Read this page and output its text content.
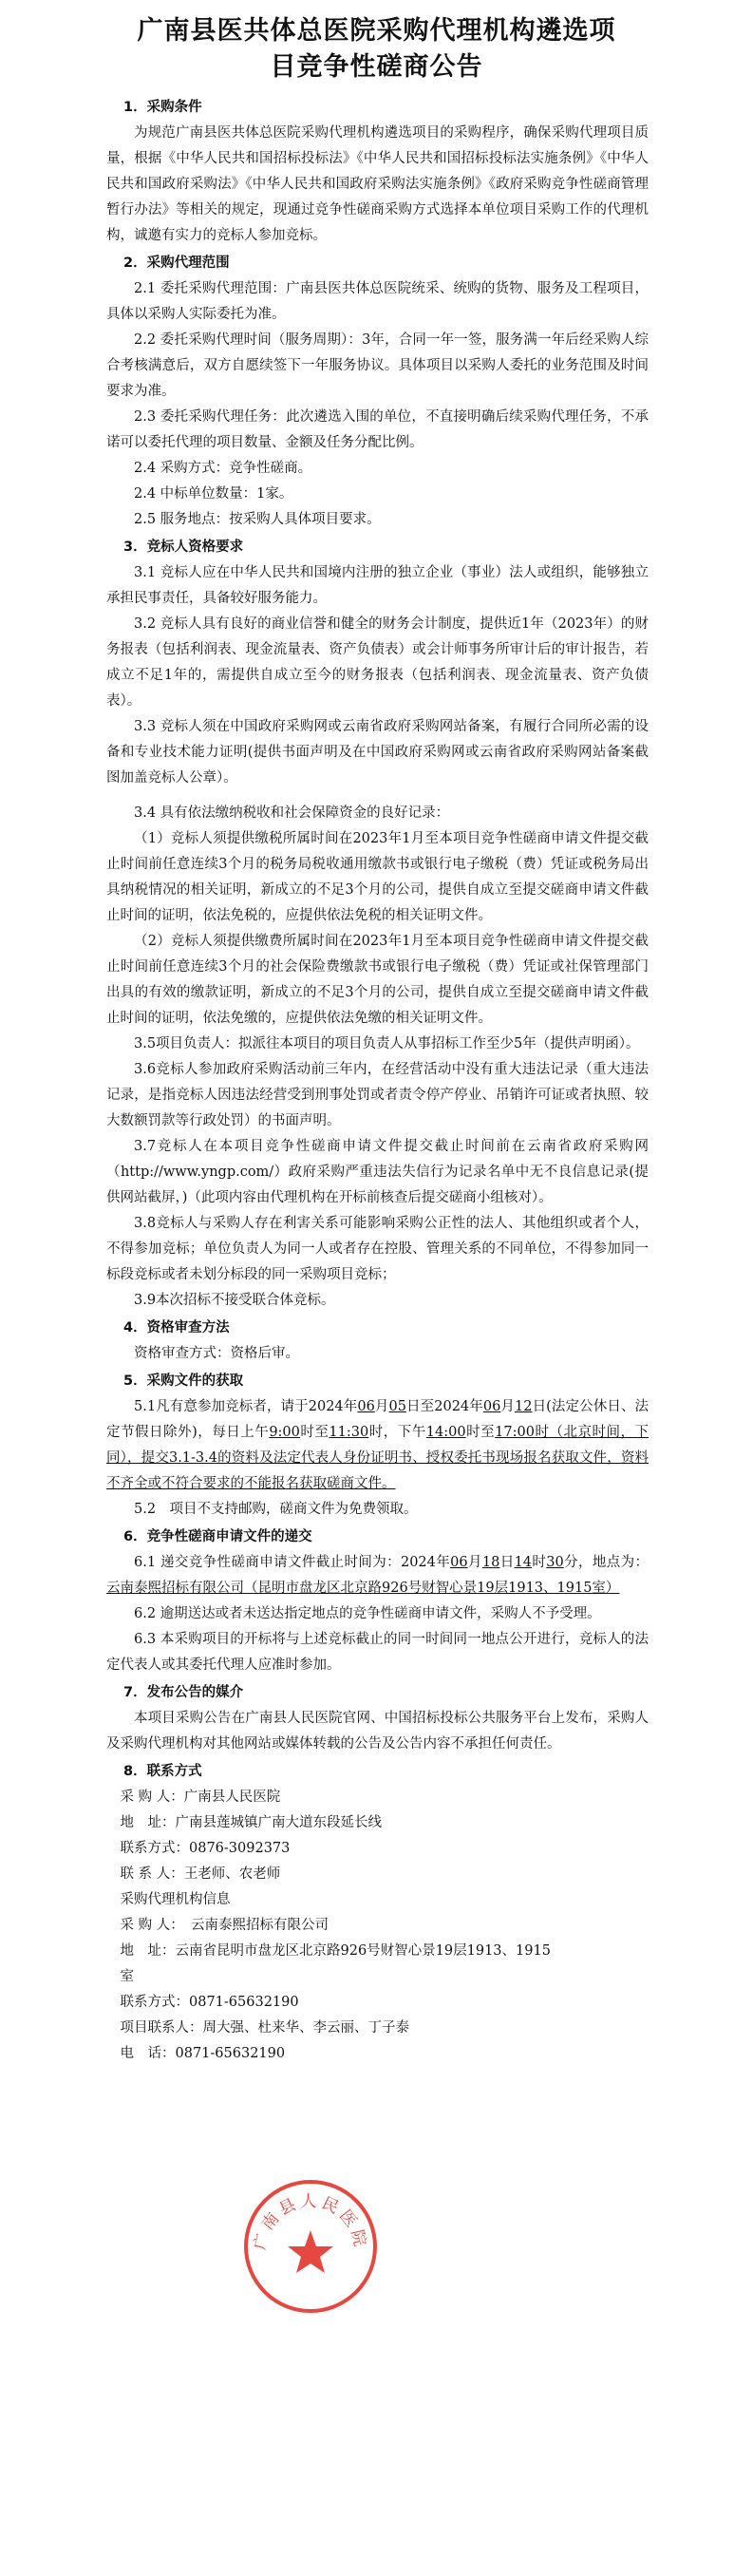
广南县医共体总医院采购代理机构遴选项
目竞争性磋商公告
1．采购条件

为规范广南县医共体总医院采购代理机构遴选项目的采购程序，确保采购代理项目质量，根据《中华人民共和国招标投标法》《中华人民共和国招标投标法实施条例》《中华人民共和国政府采购法》《中华人民共和国政府采购法实施条例》《政府采购竞争性磋商管理暂行办法》等相关的规定，现通过竞争性磋商采购方式选择本单位项目采购工作的代理机构，诚邀有实力的竞标人参加竞标。

2．采购代理范围

2.1 委托采购代理范围：广南县医共体总医院统采、统购的货物、服务及工程项目，具体以采购人实际委托为准。

2.2 委托采购代理时间（服务周期）：3年，合同一年一签，服务满一年后经采购人综合考核满意后，双方自愿续签下一年服务协议。具体项目以采购人委托的业务范围及时间要求为准。

2.3 委托采购代理任务：此次遴选入围的单位，不直接明确后续采购代理任务，不承诺可以委托代理的项目数量、金额及任务分配比例。

2.4 采购方式：竞争性磋商。

2.4 中标单位数量：1家。

2.5 服务地点：按采购人具体项目要求。

3．竞标人资格要求

3.1 竞标人应在中华人民共和国境内注册的独立企业（事业）法人或组织，能够独立承担民事责任，具备较好服务能力。

3.2 竞标人具有良好的商业信誉和健全的财务会计制度，提供近1年（2023年）的财务报表（包括利润表、现金流量表、资产负债表）或会计师事务所审计后的审计报告，若成立不足1年的，需提供自成立至今的财务报表（包括利润表、现金流量表、资产负债表）。

3.3 竞标人须在中国政府采购网或云南省政府采购网站备案，有履行合同所必需的设备和专业技术能力证明(提供书面声明及在中国政府采购网或云南省政府采购网站备案截图加盖竞标人公章）。

3.4 具有依法缴纳税收和社会保障资金的良好记录：

（1）竞标人须提供缴税所属时间在2023年1月至本项目竞争性磋商申请文件提交截止时间前任意连续3个月的税务局税收通用缴款书或银行电子缴税（费）凭证或税务局出具纳税情况的相关证明，新成立的不足3个月的公司，提供自成立至提交磋商申请文件截止时间的证明，依法免税的，应提供依法免税的相关证明文件。

（2）竞标人须提供缴费所属时间在2023年1月至本项目竞争性磋商申请文件提交截止时间前任意连续3个月的社会保险费缴款书或银行电子缴税（费）凭证或社保管理部门出具的有效的缴款证明，新成立的不足3个月的公司，提供自成立至提交磋商申请文件截止时间的证明，依法免缴的，应提供依法免缴的相关证明文件。

3.5项目负责人：拟派往本项目的项目负责人从事招标工作至少5年（提供声明函）。

3.6竞标人参加政府采购活动前三年内，在经营活动中没有重大违法记录（重大违法记录，是指竞标人因违法经营受到刑事处罚或者责令停产停业、吊销许可证或者执照、较大数额罚款等行政处罚）的书面声明。

3.7竞标人在本项目竞争性磋商申请文件提交截止时间前在云南省政府采购网（http://www.yngp.com/）政府采购严重违法失信行为记录名单中无不良信息记录(提供网站截屏，)（此项内容由代理机构在开标前核查后提交磋商小组核对）。

3.8竞标人与采购人存在利害关系可能影响采购公正性的法人、其他组织或者个人，不得参加竞标；单位负责人为同一人或者存在控股、管理关系的不同单位，不得参加同一标段竞标或者未划分标段的同一采购项目竞标；

3.9本次招标不接受联合体竞标。

4．资格审查方法

资格审查方式：资格后审。

5．采购文件的获取

5.1凡有意参加竞标者，请于2024年06月05日至2024年06月12日(法定公休日、法定节假日除外)，每日上午9:00时至11:30时，下午14:00时至17:00时（北京时间，下同），提交3.1-3.4的资料及法定代表人身份证明书、授权委托书现场报名获取文件，资料不齐全或不符合要求的不能报名获取磋商文件。

5.2　项目不支持邮购，磋商文件为免费领取。

6．竞争性磋商申请文件的递交

6.1 递交竞争性磋商申请文件截止时间为：2024年06月18日14时30分，地点为：云南泰熙招标有限公司（昆明市盘龙区北京路926号财智心景19层1913、1915室）

6.2 逾期送达或者未送达指定地点的竞争性磋商申请文件，采购人不予受理。

6.3 本采购项目的开标将与上述竞标截止的同一时间同一地点公开进行，竞标人的法定代表人或其委托代理人应准时参加。

7．发布公告的媒介

本项目采购公告在广南县人民医院官网、中国招标投标公共服务平台上发布，采购人及采购代理机构对其他网站或媒体转载的公告及公告内容不承担任何责任。

8．联系方式

采 购 人：广南县人民医院

地　址：广南县莲城镇广南大道东段延长线

联系方式：0876-3092373

联 系 人：王老师、农老师

采购代理机构信息

采 购 人：　云南泰熙招标有限公司

地　址：云南省昆明市盘龙区北京路926号财智心景19层1913、1915

室

联系方式：0871-65632190

项目联系人：周大强、杜来华、李云丽、丁子泰

电　话：0871-65632190

广南县人民医院
